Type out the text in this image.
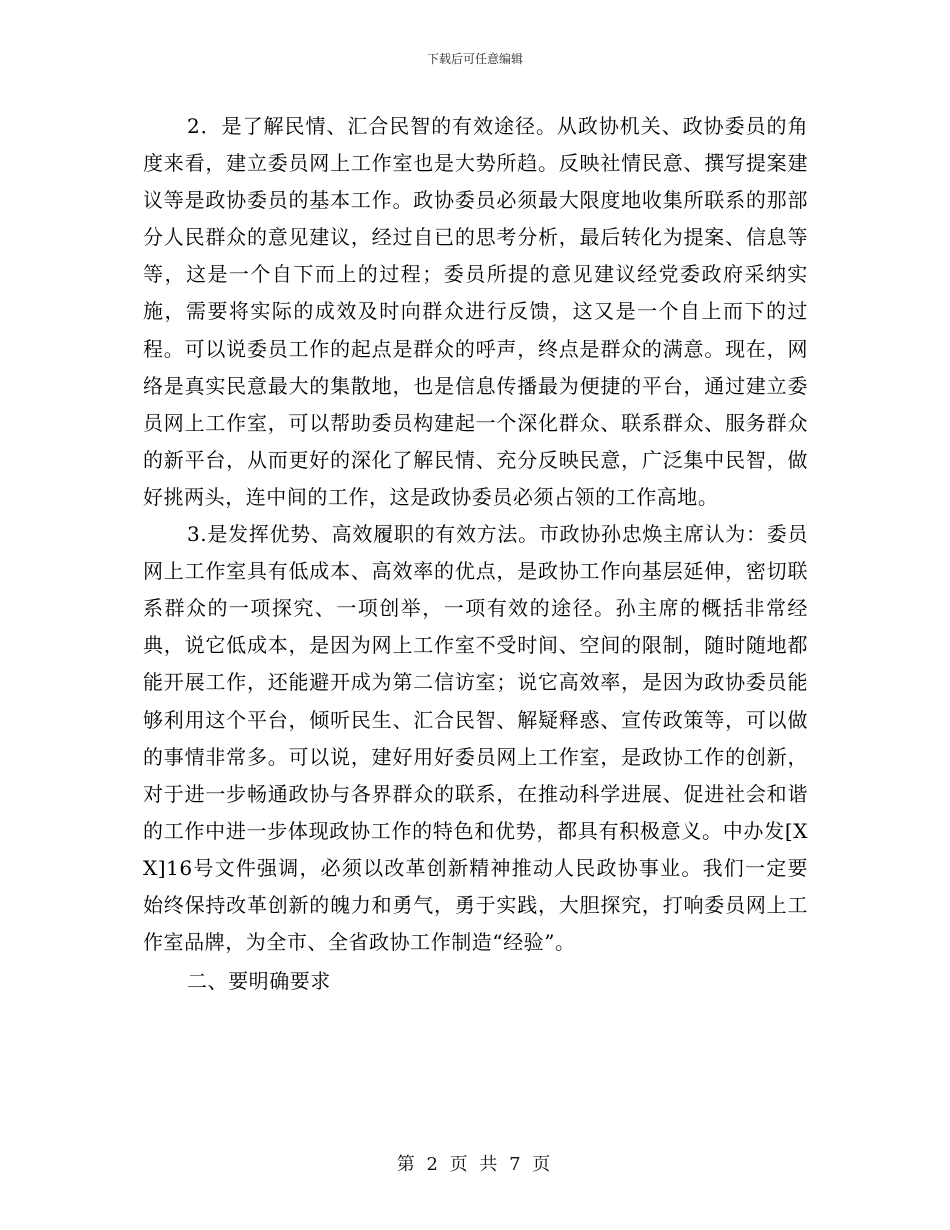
下载后可任意编辑

2．是了解民情、汇合民智的有效途径。从政协机关、政协委员的角度来看，建立委员网上工作室也是大势所趋。反映社情民意、撰写提案建议等是政协委员的基本工作。政协委员必须最大限度地收集所联系的那部分人民群众的意见建议，经过自已的思考分析，最后转化为提案、信息等等，这是一个自下而上的过程；委员所提的意见建议经党委政府采纳实施，需要将实际的成效及时向群众进行反馈，这又是一个自上而下的过程。可以说委员工作的起点是群众的呼声，终点是群众的满意。现在，网络是真实民意最大的集散地，也是信息传播最为便捷的平台，通过建立委员网上工作室，可以帮助委员构建起一个深化群众、联系群众、服务群众的新平台，从而更好的深化了解民情、充分反映民意，广泛集中民智，做好挑两头，连中间的工作，这是政协委员必须占领的工作高地。

3.是发挥优势、高效履职的有效方法。市政协孙忠焕主席认为：委员网上工作室具有低成本、高效率的优点，是政协工作向基层延伸，密切联系群众的一项探究、一项创举，一项有效的途径。孙主席的概括非常经典，说它低成本，是因为网上工作室不受时间、空间的限制，随时随地都能开展工作，还能避开成为第二信访室；说它高效率，是因为政协委员能够利用这个平台，倾听民生、汇合民智、解疑释惑、宣传政策等，可以做的事情非常多。可以说，建好用好委员网上工作室，是政协工作的创新，对于进一步畅通政协与各界群众的联系，在推动科学进展、促进社会和谐的工作中进一步体现政协工作的特色和优势，都具有积极意义。中办发[XX]16号文件强调，必须以改革创新精神推动人民政协事业。我们一定要始终保持改革创新的魄力和勇气，勇于实践，大胆探究，打响委员网上工作室品牌，为全市、全省政协工作制造“经验”。

二、要明确要求

第 2 页 共 7 页
